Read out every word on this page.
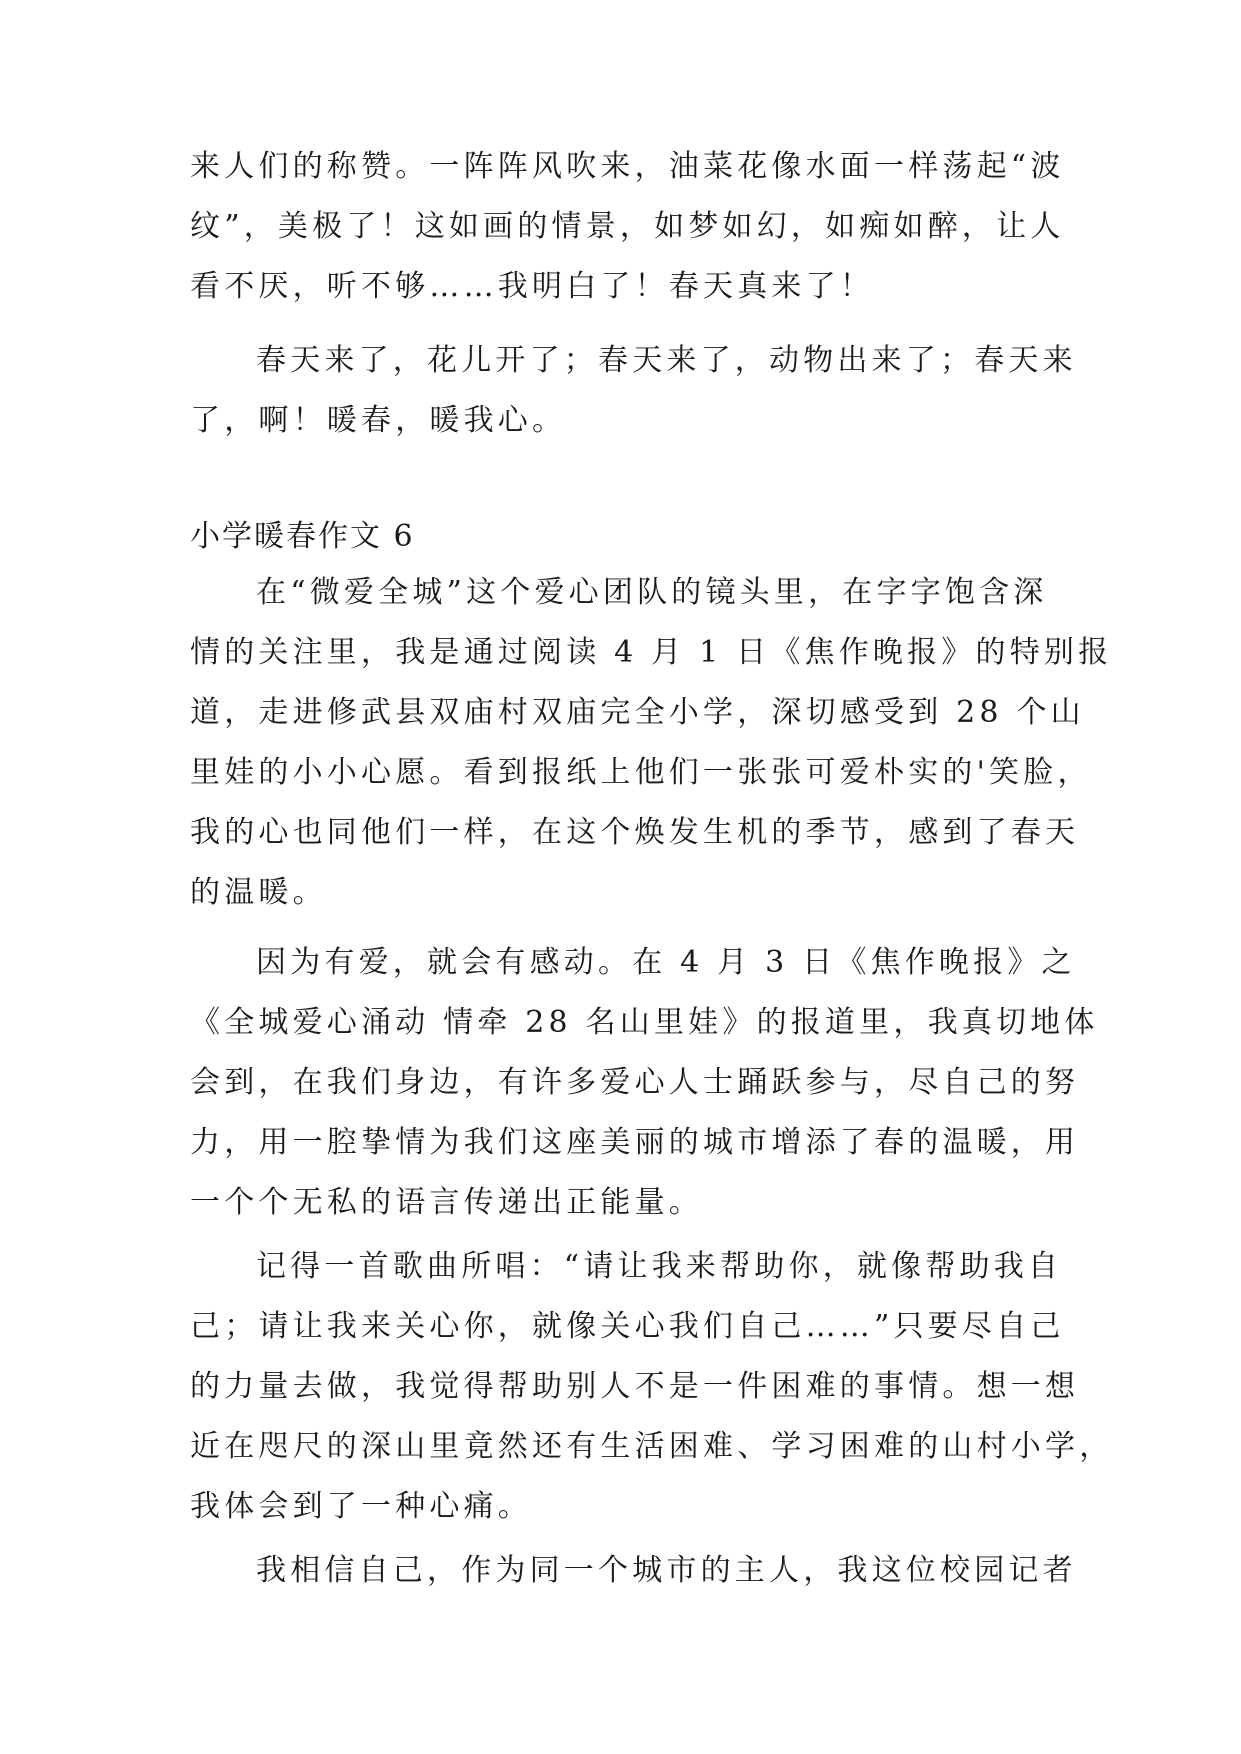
来人们的称赞。一阵阵风吹来，油菜花像水面一样荡起“波
纹”，美极了！这如画的情景，如梦如幻，如痴如醉，让人
看不厌，听不够……我明白了！春天真来了！
春天来了，花儿开了；春天来了，动物出来了；春天来
了，啊！暖春，暖我心。
小学暖春作文 6
在“微爱全城”这个爱心团队的镜头里，在字字饱含深
情的关注里，我是通过阅读 4 月 1 日《焦作晚报》的特别报
道，走进修武县双庙村双庙完全小学，深切感受到 28 个山
里娃的小小心愿。看到报纸上他们一张张可爱朴实的'笑脸，
我的心也同他们一样，在这个焕发生机的季节，感到了春天
的温暖。
因为有爱，就会有感动。在 4 月 3 日《焦作晚报》之
《全城爱心涌动 情牵 28 名山里娃》的报道里，我真切地体
会到，在我们身边，有许多爱心人士踊跃参与，尽自己的努
力，用一腔挚情为我们这座美丽的城市增添了春的温暖，用
一个个无私的语言传递出正能量。
记得一首歌曲所唱：“请让我来帮助你，就像帮助我自
己；请让我来关心你，就像关心我们自己……”只要尽自己
的力量去做，我觉得帮助别人不是一件困难的事情。想一想
近在咫尺的深山里竟然还有生活困难、学习困难的山村小学，
我体会到了一种心痛。
我相信自己，作为同一个城市的主人，我这位校园记者
